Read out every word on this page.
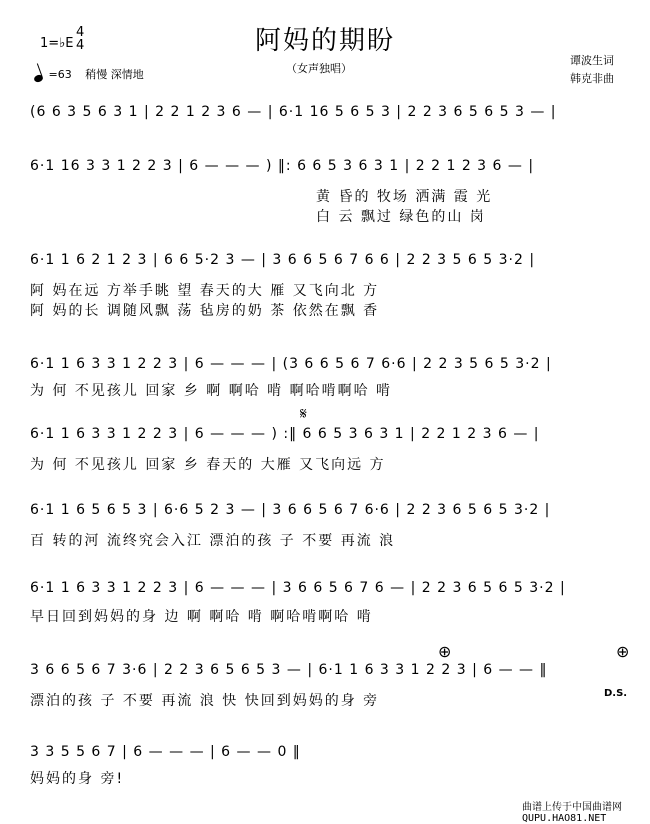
阿妈的期盼
（女声独唱）
1=♭E
4
4
=63 稍慢 深情地
谭波生词
韩克非曲
(6 6 3 5 6 3 1 | 2 2 1 2 3 6 — | 6·1 16 5 6 5 3 | 2 2 3 6 5 6 5 3 — |
6·1 16 3 3 1 2 2 3 | 6 — — — ) ‖: 6 6 5 3 6 3 1 | 2 2 1 2 3 6 — |
黄 昏的 牧场 洒满 霞 光
白 云 飘过 绿色的山 岗
6·1 1 6 2 1 2 3 | 6 6 5·2 3 — | 3 6 6 5 6 7 6 6 | 2 2 3 5 6 5 3·2 |
阿 妈在远 方举手眺 望 春天的大 雁 又飞向北 方
阿 妈的长 调随风飘 荡 毡房的奶 茶 依然在飘 香
6·1 1 6 3 3 1 2 2 3 | 6 — — — | (3 6 6 5 6 7 6·6 | 2 2 3 5 6 5 3·2 |
为 何 不见孩儿 回家 乡 啊 啊哈 啃 啊哈啃啊哈 啃
𝄋
6·1 1 6 3 3 1 2 2 3 | 6 — — — ) :‖ 6 6 5 3 6 3 1 | 2 2 1 2 3 6 — |
为 何 不见孩儿 回家 乡 春天的 大雁 又飞向远 方
6·1 1 6 5 6 5 3 | 6·6 5 2 3 — | 3 6 6 5 6 7 6·6 | 2 2 3 6 5 6 5 3·2 |
百 转的河 流终究会入江 漂泊的孩 子 不要 再流 浪
6·1 1 6 3 3 1 2 2 3 | 6 — — — | 3 6 6 5 6 7 6 — | 2 2 3 6 5 6 5 3·2 |
早日回到妈妈的身 边 啊 啊哈 啃 啊哈啃啊哈 啃
⊕	⊕
3 6 6 5 6 7 3·6 | 2 2 3 6 5 6 5 3 — | 6·1 1 6 3 3 1 2 2 3 | 6 — — ‖
漂泊的孩 子 不要 再流 浪 快 快回到妈妈的身 旁	D.S.
3 3 5 5 6 7 | 6 — — — | 6 — — 0 ‖
妈妈的身 旁!
曲谱上传于中国曲谱网
QUPU.HAO81.NET
